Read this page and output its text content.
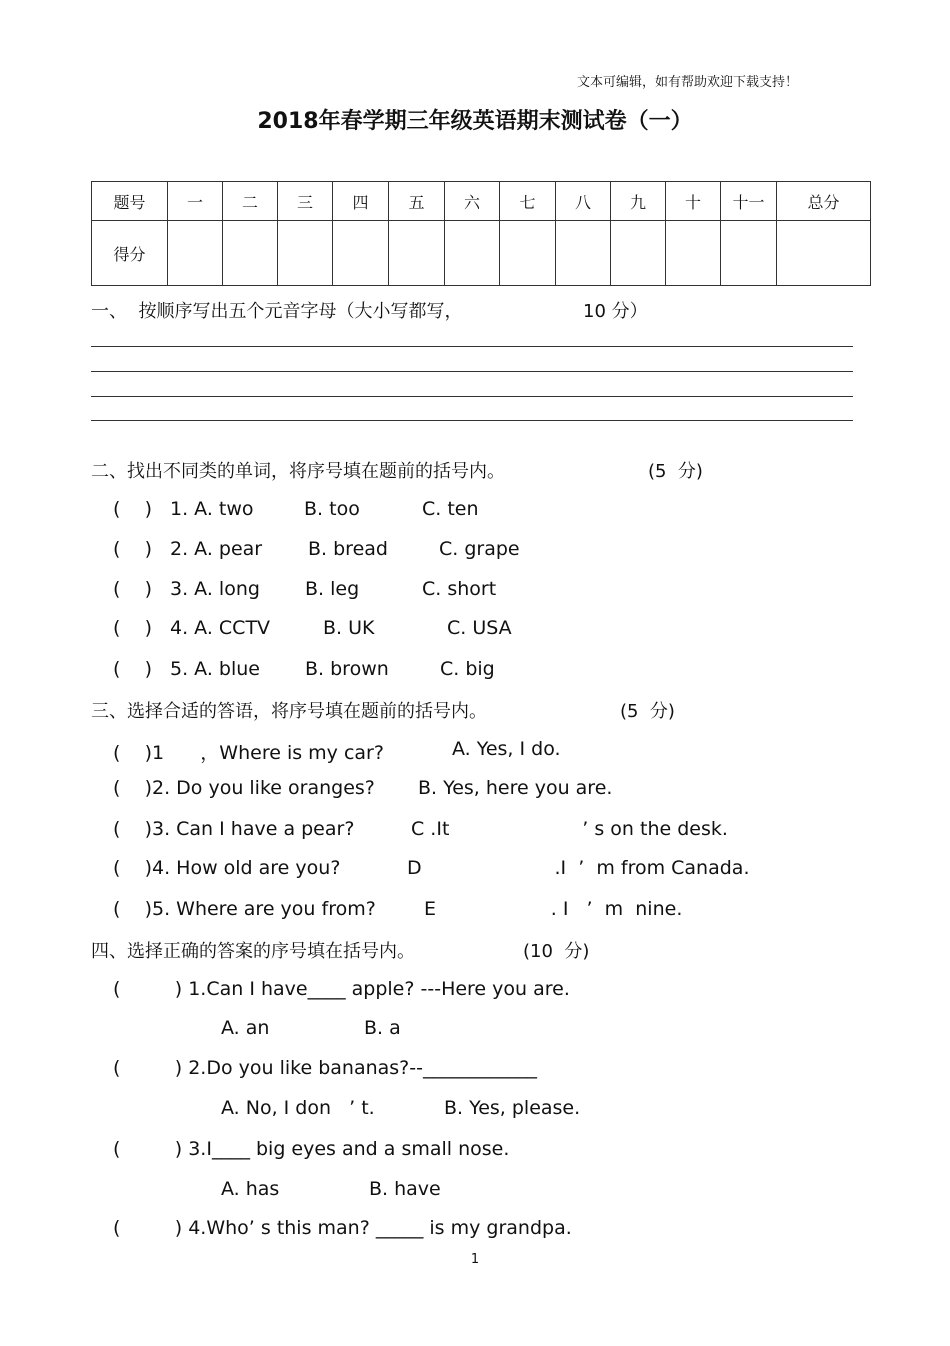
文本可编辑，如有帮助欢迎下载支持！
2018年春学期三年级英语期末测试卷（一）
题号	一	二	三	四	五	六	七	八	九	十	十一	总分
得分												
一、  按顺序写出五个元音字母（大小写都写，	10 分）
二、找出不同类的单词，将序号填在题前的括号内。	(5  分)
(    ) 1. A. two	B. too	C. ten
(    ) 2. A. pear B. bread	C. grape
(    ) 3. A. long B. leg	C. short
(    ) 4. A. CCTV	B. UK	C. USA
(    ) 5. A. blue B. brown	C. big
三、选择合适的答语，将序号填在题前的括号内。	(5  分)
(    )1      ，Where is my car?	A. Yes, I do.
(    )2. Do you like oranges? B. Yes, here you are.
(    )3. Can I have a pear?	C .It                      ’ s on the desk.
(    )4. How old are you?	D                      .I  ’  m from Canada.
(    )5. Where are you from?	E                   . I   ’  m  nine.
四、选择正确的答案的序号填在括号内。	(10  分)
(         ) 1.Can I have____ apple? ---Here you are.
A. an	B. a
(         ) 2.Do you like bananas?--____________
A. No, I don   ’ t.	B. Yes, please.
(         ) 3.I____ big eyes and a small nose.
A. has	B. have
(         ) 4.Who’ s this man? _____ is my grandpa.
1
